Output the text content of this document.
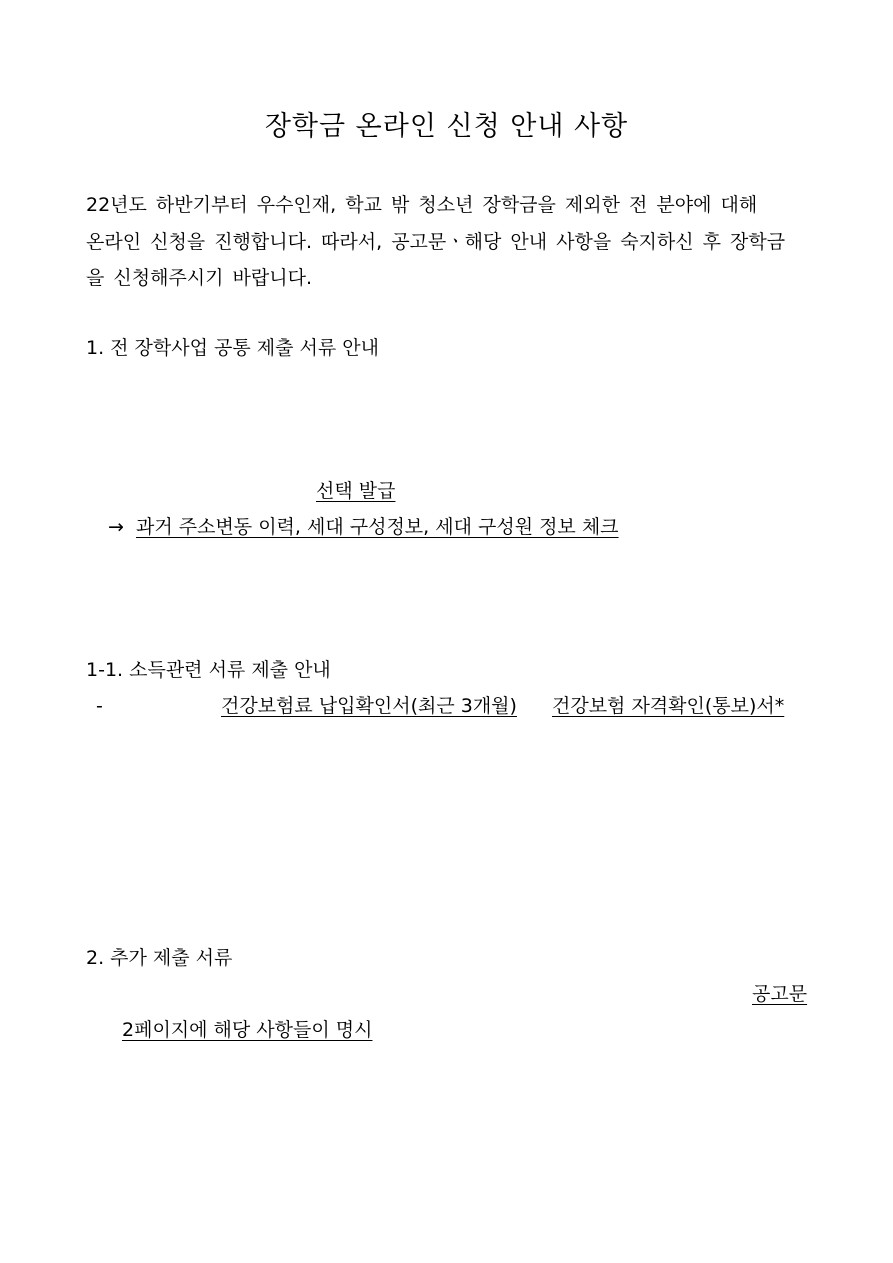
장학금 온라인 신청 안내 사항
22년도 하반기부터 우수인재, 학교 밖 청소년 장학금을 제외한 전 분야에 대해
온라인 신청을 진행합니다. 따라서, 공고문ㆍ해당 안내 사항을 숙지하신 후 장학금
을 신청해주시기 바랍니다.
1. 전 장학사업 공통 제출 서류 안내
선택 발급
→ 과거 주소변동 이력, 세대 구성정보, 세대 구성원 정보 체크
1-1. 소득관련 서류 제출 안내
-	건강보험료 납입확인서(최근 3개월) 건강보험 자격확인(통보)서*
2. 추가 제출 서류
공고문
2페이지에 해당 사항들이 명시
